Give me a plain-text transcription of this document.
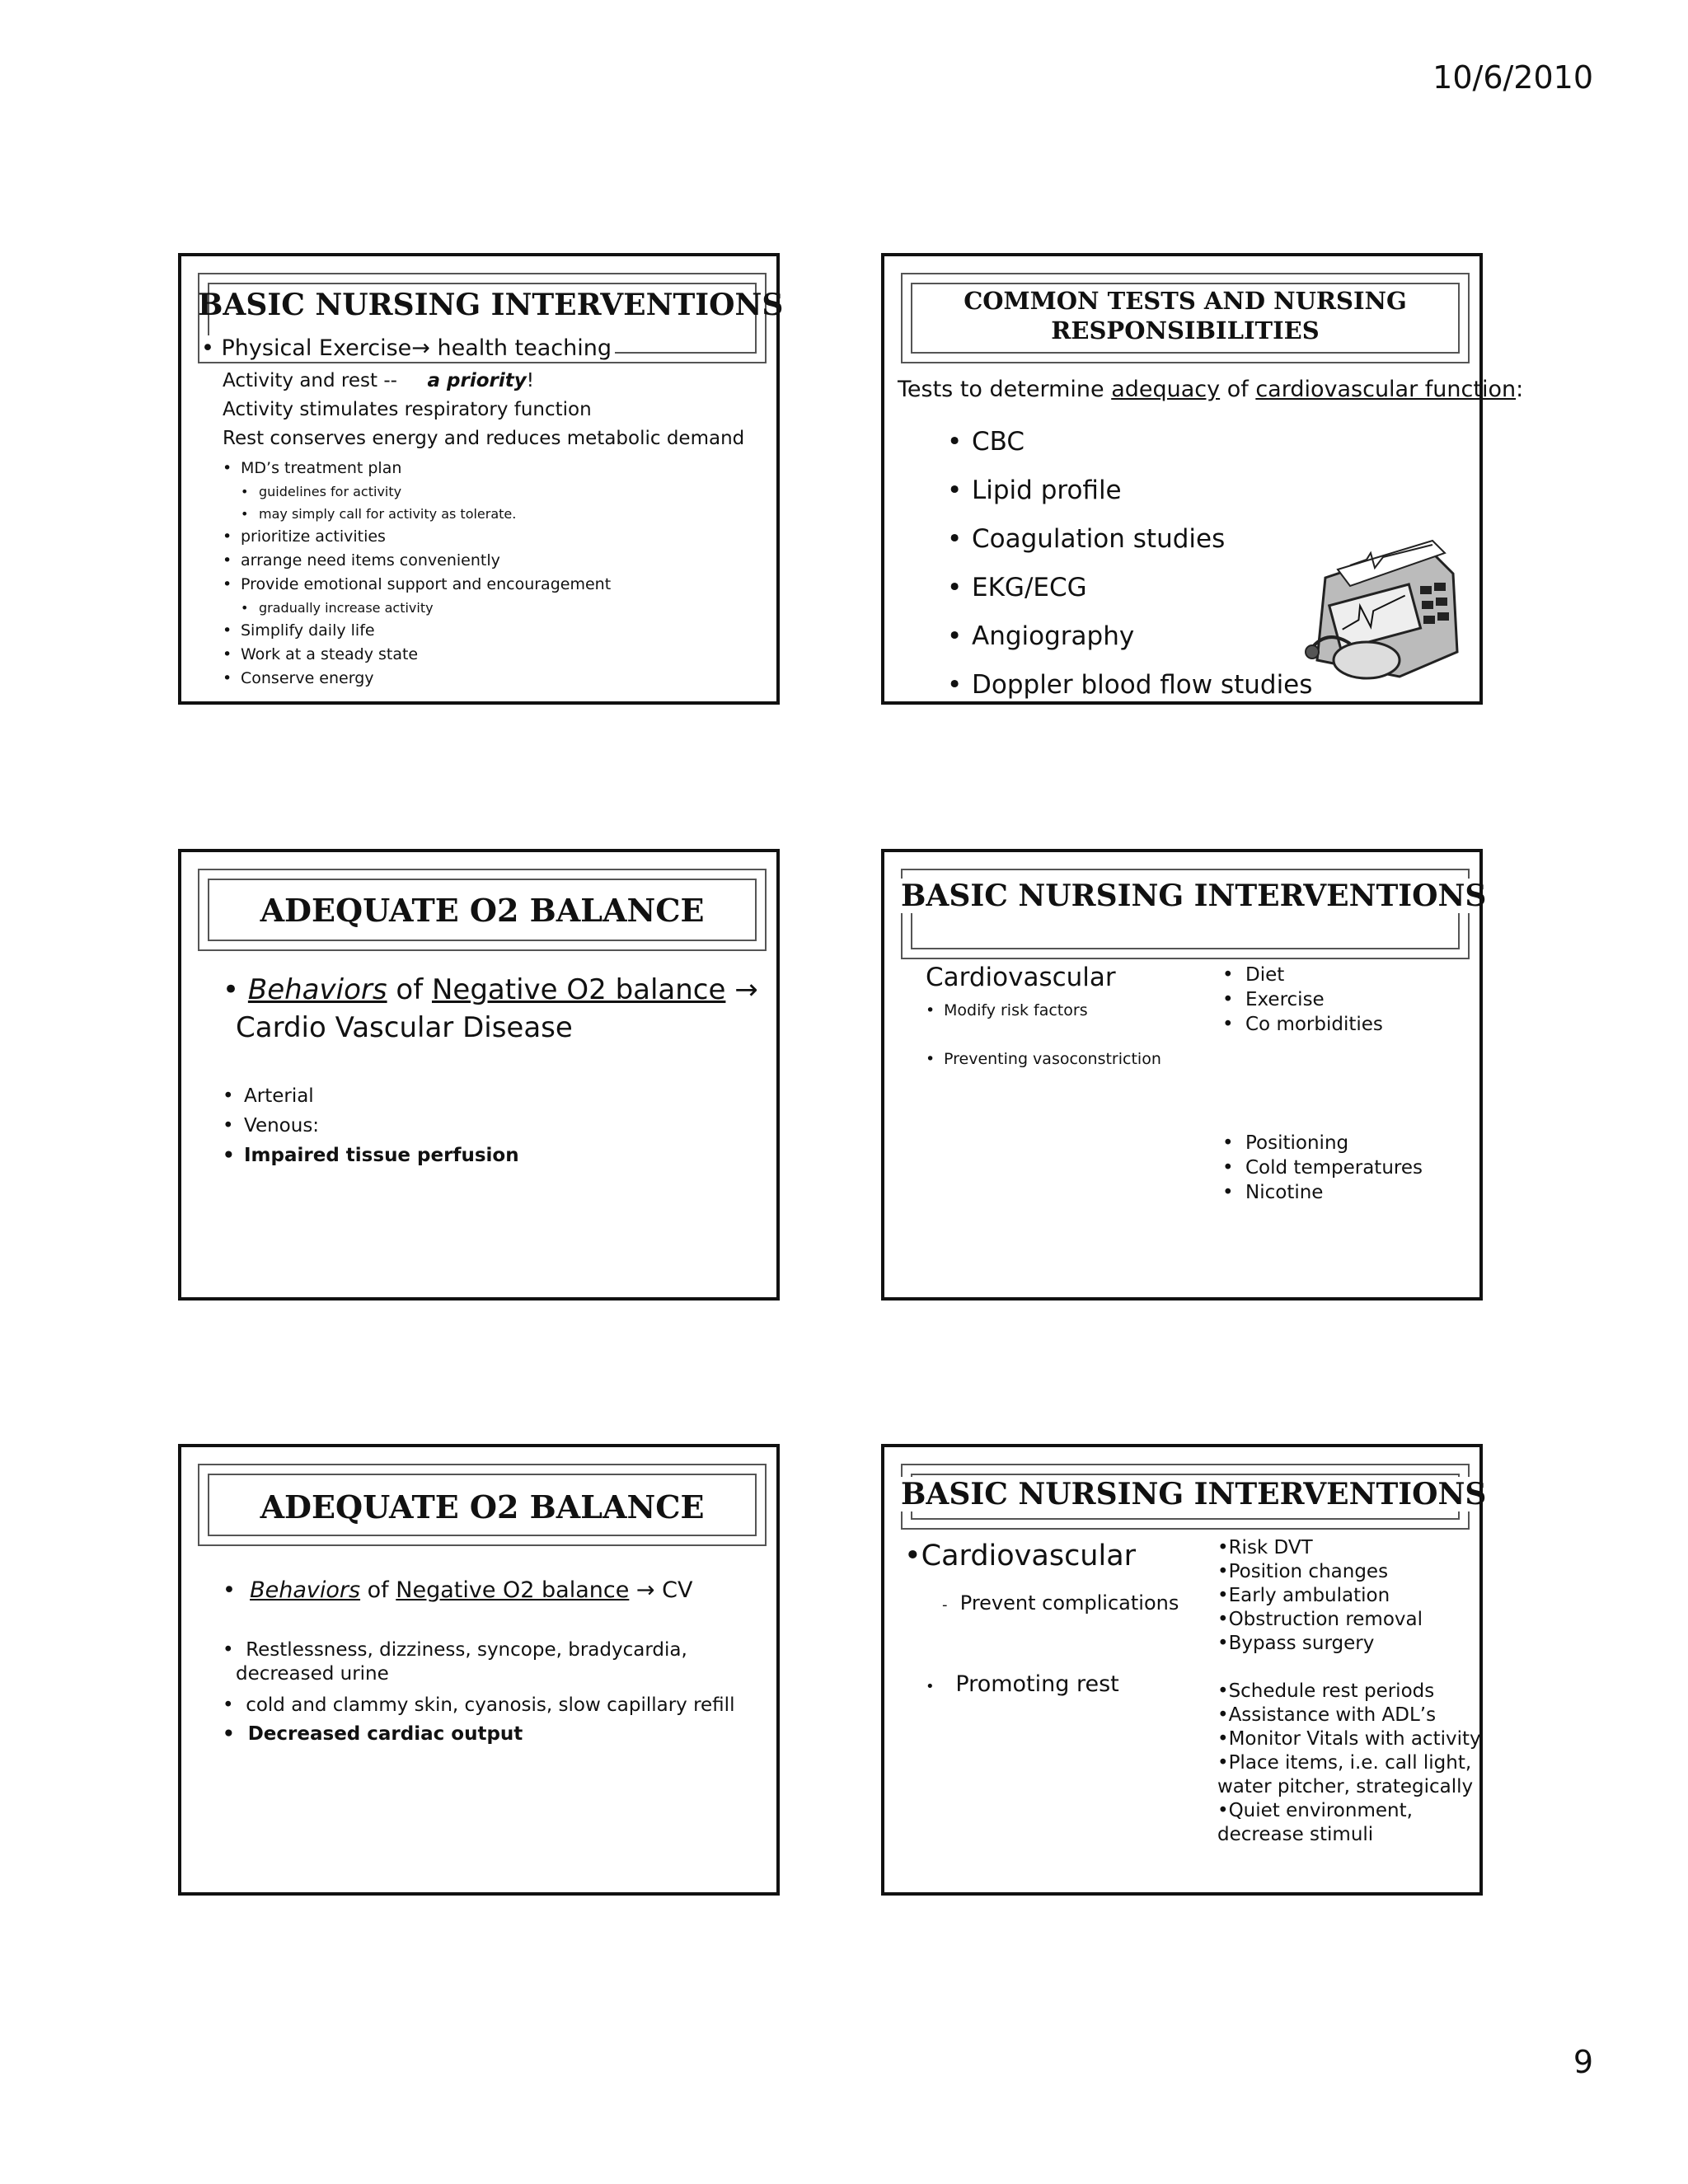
10/6/2010
BASIC NURSING INTERVENTIONS
• Physical Exercise→ health teaching
Activity and rest -- a priority!
Activity stimulates respiratory function
Rest conserves energy and reduces metabolic demand
• MD’s treatment plan
• guidelines for activity
• may simply call for activity as tolerate.
• prioritize activities
• arrange need items conveniently
• Provide emotional support and encouragement
• gradually increase activity
• Simplify daily life
• Work at a steady state
• Conserve energy
COMMON TESTS AND NURSING
RESPONSIBILITIES
Tests to determine adequacy of cardiovascular function:
• CBC
• Lipid profile
• Coagulation studies
• EKG/ECG
• Angiography
• Doppler blood flow studies
ADEQUATE O2 BALANCE
• Behaviors of Negative O2 balance →
Cardio Vascular Disease
• Arterial
• Venous:
• Impaired tissue perfusion
BASIC NURSING INTERVENTIONS
Cardiovascular
• Modify risk factors
• Preventing vasoconstriction
• Diet
• Exercise
• Co morbidities
• Positioning
• Cold temperatures
• Nicotine
ADEQUATE O2 BALANCE
•  Behaviors of Negative O2 balance → CV
•  Restlessness, dizziness, syncope, bradycardia,
decreased urine
•  cold and clammy skin, cyanosis, slow capillary refill
•  Decreased cardiac output
BASIC NURSING INTERVENTIONS
•Cardiovascular
- Prevent complications
• Promoting rest
•Risk DVT
•Position changes
•Early ambulation
•Obstruction removal
•Bypass surgery
•Schedule rest periods
•Assistance with ADL’s
•Monitor Vitals with activity
•Place items, i.e. call light,
water pitcher, strategically
•Quiet environment,
decrease stimuli
9
